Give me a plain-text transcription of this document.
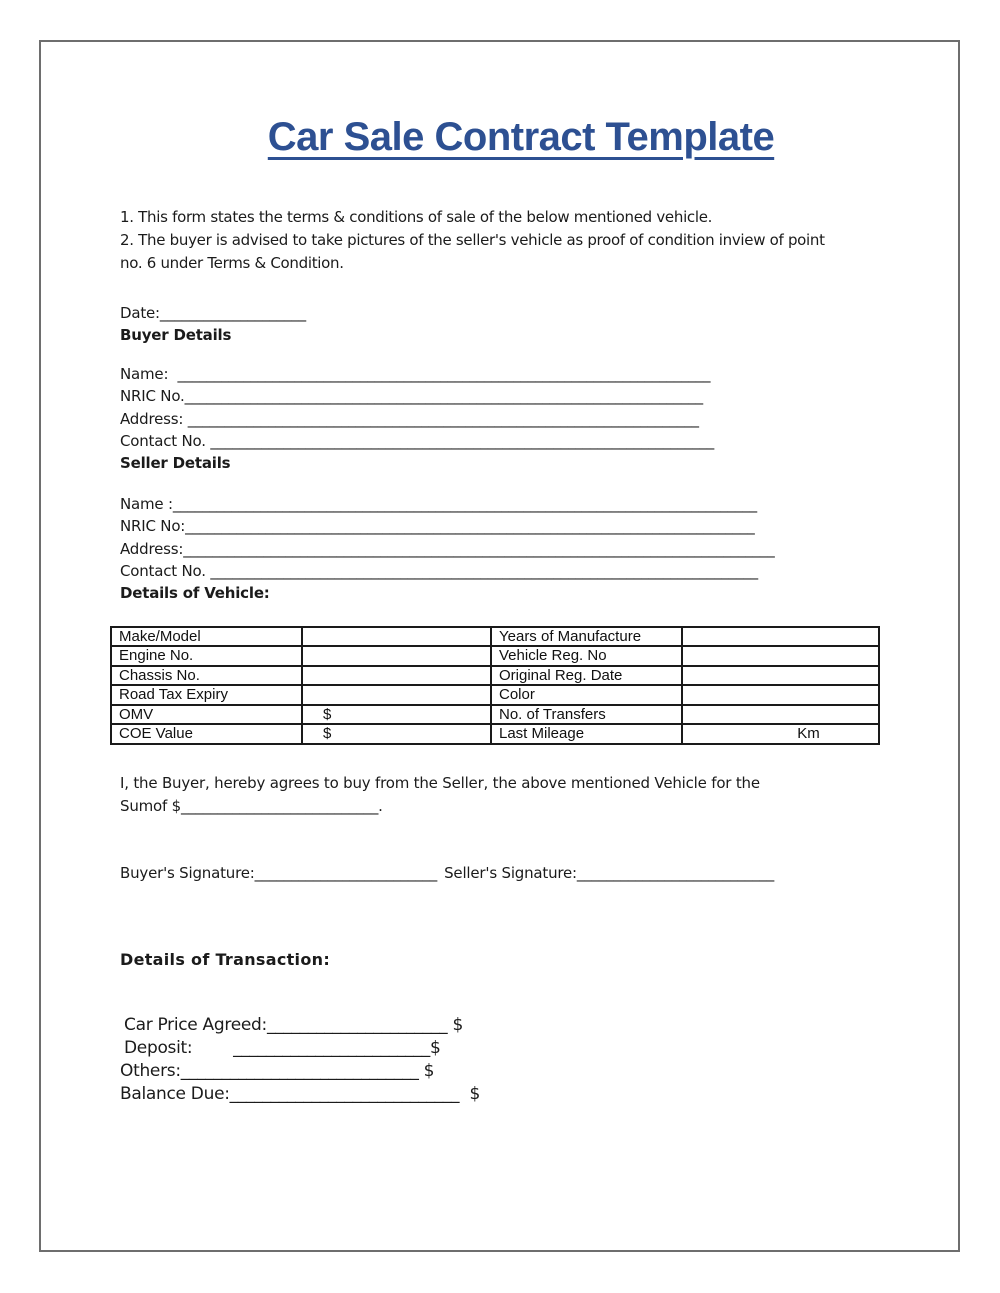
Car Sale Contract Template
1. This form states the terms & conditions of sale of the below mentioned vehicle.
2. The buyer is advised to take pictures of the seller's vehicle as proof of condition inview of point
no. 6 under Terms & Condition.
Date:____________________
Buyer Details
Name:  _________________________________________________________________________
NRIC No._______________________________________________________________________
Address: ______________________________________________________________________
Contact No. _____________________________________________________________________
Seller Details
Name :________________________________________________________________________________
NRIC No:______________________________________________________________________________
Address:_________________________________________________________________________________
Contact No. ___________________________________________________________________________
Details of Vehicle:
Make/Model		Years of Manufacture	
Engine No.		Vehicle Reg. No	
Chassis No.		Original Reg. Date	
Road Tax Expiry		Color	
OMV	$	No. of Transfers	
COE Value	$	Last Mileage	Km
I, the Buyer, hereby agrees to buy from the Seller, the above mentioned Vehicle for the
Sumof $___________________________.
Buyer's Signature:_________________________ Seller's Signature:___________________________
Details of Transaction:
Car Price Agreed:______________________ $
Deposit:        ________________________$
Others:_____________________________ $
Balance Due:____________________________  $
